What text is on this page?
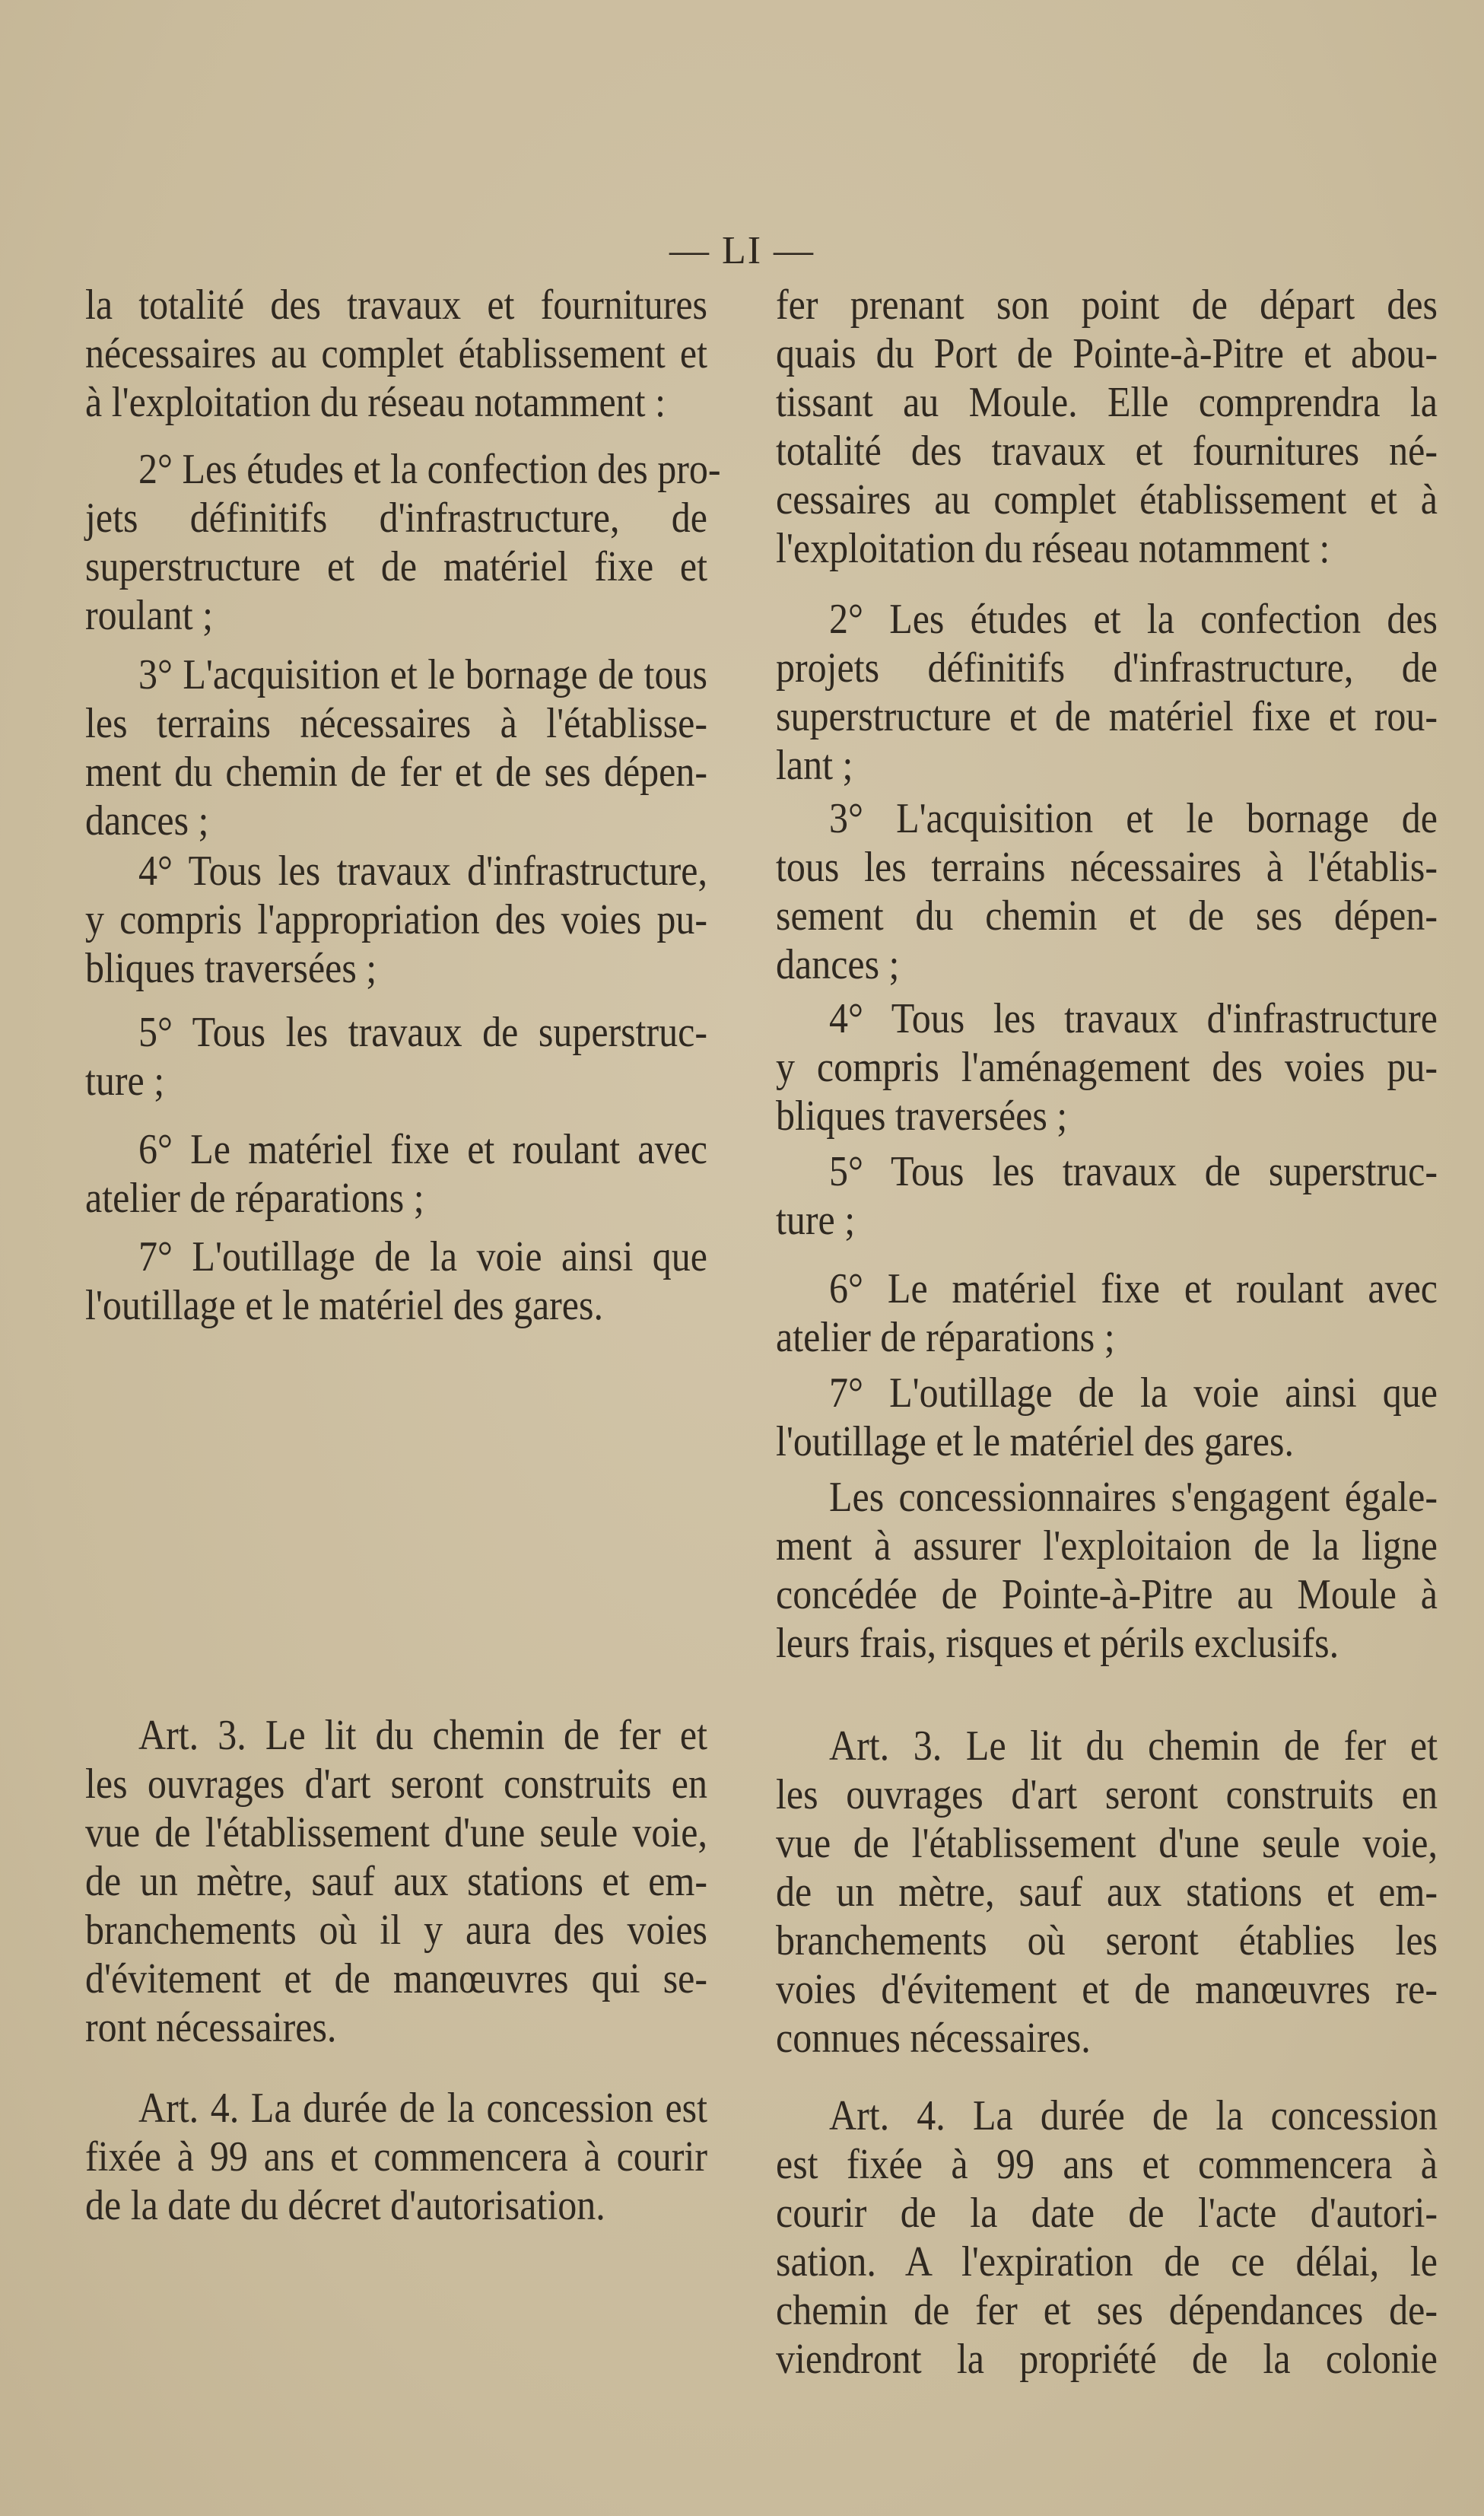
— LI —
la totalité des travaux et fournitures
nécessaires au complet établissement et
à l'exploitation du réseau notamment :
2° Les études et la confection des pro-
jets définitifs d'infrastructure, de
superstructure et de matériel fixe et
roulant ;
3° L'acquisition et le bornage de tous
les terrains nécessaires à l'établisse-
ment du chemin de fer et de ses dépen-
dances ;
4° Tous les travaux d'infrastructure,
y compris l'appropriation des voies pu-
bliques traversées ;
5° Tous les travaux de superstruc-
ture ;
6° Le matériel fixe et roulant avec
atelier de réparations ;
7° L'outillage de la voie ainsi que
l'outillage et le matériel des gares.
Art. 3. Le lit du chemin de fer et
les ouvrages d'art seront construits en
vue de l'établissement d'une seule voie,
de un mètre, sauf aux stations et em-
branchements où il y aura des voies
d'évitement et de manœuvres qui se-
ront nécessaires.
Art. 4. La durée de la concession est
fixée à 99 ans et commencera à courir
de la date du décret d'autorisation.
fer prenant son point de départ des
quais du Port de Pointe-à-Pitre et abou-
tissant au Moule. Elle comprendra la
totalité des travaux et fournitures né-
cessaires au complet établissement et à
l'exploitation du réseau notamment :
2° Les études et la confection des
projets définitifs d'infrastructure, de
superstructure et de matériel fixe et rou-
lant ;
3° L'acquisition et le bornage de
tous les terrains nécessaires à l'établis-
sement du chemin et de ses dépen-
dances ;
4° Tous les travaux d'infrastructure
y compris l'aménagement des voies pu-
bliques traversées ;
5° Tous les travaux de superstruc-
ture ;
6° Le matériel fixe et roulant avec
atelier de réparations ;
7° L'outillage de la voie ainsi que
l'outillage et le matériel des gares.
Les concessionnaires s'engagent égale-
ment à assurer l'exploitaion de la ligne
concédée de Pointe-à-Pitre au Moule à
leurs frais, risques et périls exclusifs.
Art. 3. Le lit du chemin de fer et
les ouvrages d'art seront construits en
vue de l'établissement d'une seule voie,
de un mètre, sauf aux stations et em-
branchements où seront établies les
voies d'évitement et de manœuvres re-
connues nécessaires.
Art. 4. La durée de la concession
est fixée à 99 ans et commencera à
courir de la date de l'acte d'autori-
sation. A l'expiration de ce délai, le
chemin de fer et ses dépendances de-
viendront la propriété de la colonie
